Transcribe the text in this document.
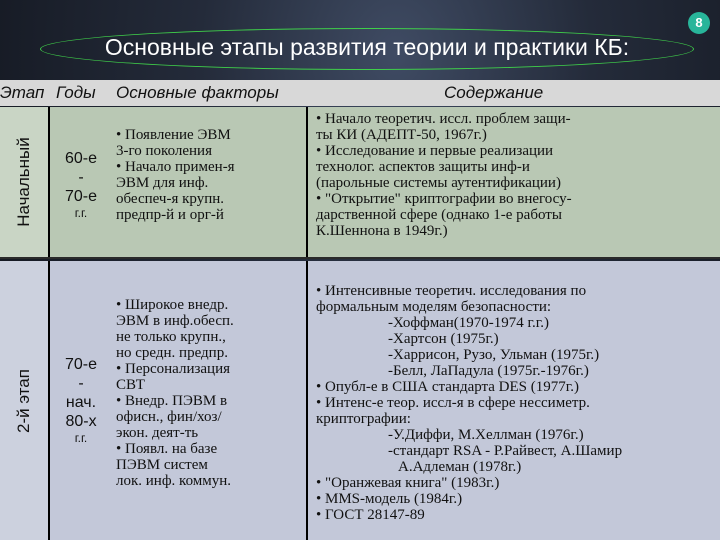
8
Основные этапы развития теории и практики КБ:
Этап Годы Основные факторы	Содержание
Начальный	60-е
-
70-е
г.г.
• Появление ЭВМ
3-го поколения
• Начало примен-я
ЭВМ для инф.
обеспеч-я крупн.
предпр-й и орг-й
• Начало теоретич. иссл. проблем защи-
ты КИ (АДЕПТ-50, 1967г.)
• Исследование и первые реализации
технолог. аспектов защиты инф-и
(парольные системы аутентификации)
• "Открытие" криптографии во внегосу-
дарственной сфере (однако 1-е работы
К.Шеннона в 1949г.)
2-й этап
70-е
-
нач.
80-х
г.г.
• Широкое внедр.
ЭВМ в инф.обесп.
не только крупн.,
но средн. предпр.
• Персонализация
СВТ
• Внедр. ПЭВМ в
офисн., фин/хоз/
экон. деят-ть
• Появл. на базе
ПЭВМ систем
лок. инф. коммун.
• Интенсивные теоретич. исследования по
формальным моделям безопасности:
-Хоффман(1970-1974 г.г.)
-Хартсон (1975г.)
-Харрисон, Рузо, Ульман (1975г.)
-Белл, ЛаПадула (1975г.-1976г.)
• Опубл-е в США стандарта DES (1977г.)
• Интенс-е теор. иссл-я в сфере нессиметр.
криптографии:
-У.Диффи, М.Хеллман (1976г.)
-стандарт RSA - Р.Райвест, А.Шамир
А.Адлеман (1978г.)
• "Оранжевая книга" (1983г.)
• MMS-модель (1984г.)
• ГОСТ 28147-89
